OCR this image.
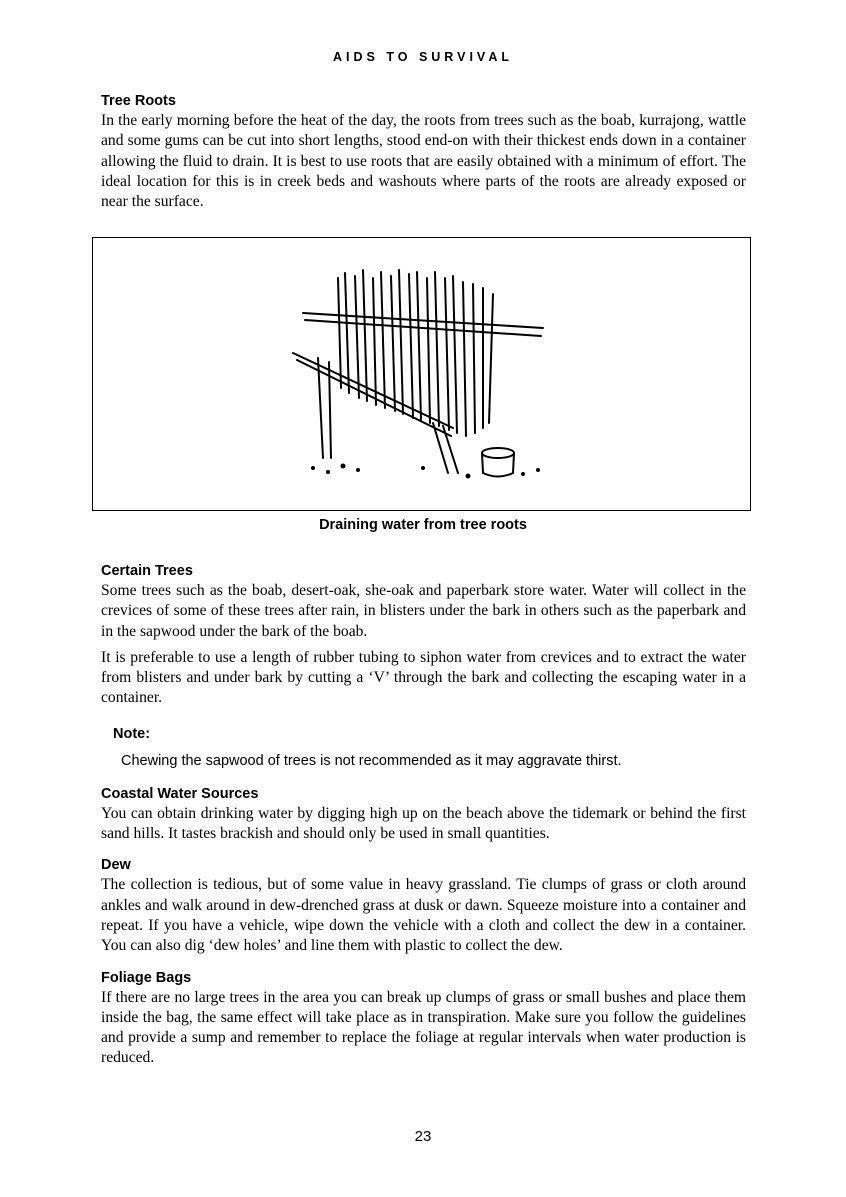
AIDS TO SURVIVAL
Tree Roots

In the early morning before the heat of the day, the roots from trees such as the boab, kurrajong, wattle and some gums can be cut into short lengths, stood end-on with their thickest ends down in a container allowing the fluid to drain. It is best to use roots that are easily obtained with a minimum of effort. The ideal location for this is in creek beds and washouts where parts of the roots are already exposed or near the surface.

Draining water from tree roots
Certain Trees

Some trees such as the boab, desert-oak, she-oak and paperbark store water. Water will collect in the crevices of some of these trees after rain, in blisters under the bark in others such as the paperbark and in the sapwood under the bark of the boab.

It is preferable to use a length of rubber tubing to siphon water from crevices and to extract the water from blisters and under bark by cutting a ‘V’ through the bark and collecting the escaping water in a container.

Note:

Chewing the sapwood of trees is not recommended as it may aggravate thirst.

Coastal Water Sources

You can obtain drinking water by digging high up on the beach above the tidemark or behind the first sand hills. It tastes brackish and should only be used in small quantities.

Dew

The collection is tedious, but of some value in heavy grassland. Tie clumps of grass or cloth around ankles and walk around in dew-drenched grass at dusk or dawn. Squeeze moisture into a container and repeat. If you have a vehicle, wipe down the vehicle with a cloth and collect the dew in a container. You can also dig ‘dew holes’ and line them with plastic to collect the dew.

Foliage Bags

If there are no large trees in the area you can break up clumps of grass or small bushes and place them inside the bag, the same effect will take place as in transpiration. Make sure you follow the guidelines and provide a sump and remember to replace the foliage at regular intervals when water production is reduced.

23
